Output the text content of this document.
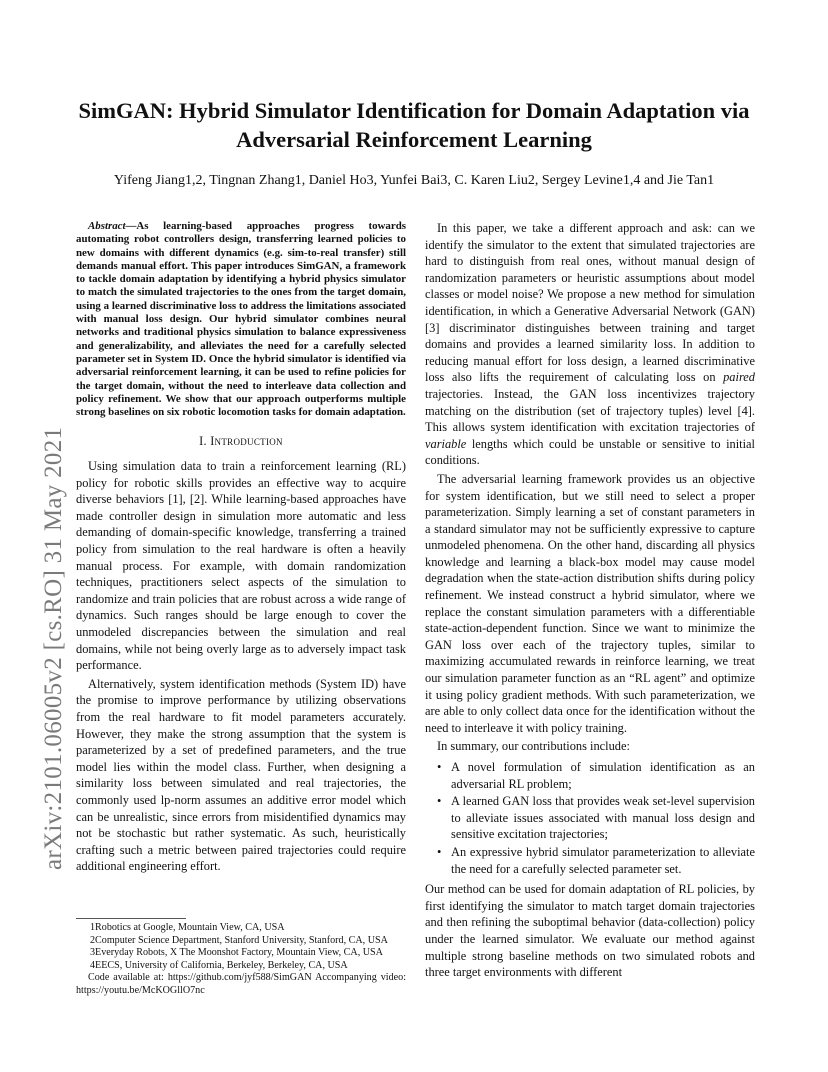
arXiv:2101.06005v2 [cs.RO] 31 May 2021
SimGAN: Hybrid Simulator Identification for Domain Adaptation via
Adversarial Reinforcement Learning
Yifeng Jiang1,2, Tingnan Zhang1, Daniel Ho3, Yunfei Bai3, C. Karen Liu2, Sergey Levine1,4 and Jie Tan1
Abstract—As learning-based approaches progress towards automating robot controllers design, transferring learned policies to new domains with different dynamics (e.g. sim-to-real transfer) still demands manual effort. This paper introduces SimGAN, a framework to tackle domain adaptation by identifying a hybrid physics simulator to match the simulated trajectories to the ones from the target domain, using a learned discriminative loss to address the limitations associated with manual loss design. Our hybrid simulator combines neural networks and traditional physics simulation to balance expressiveness and generalizability, and alleviates the need for a carefully selected parameter set in System ID. Once the hybrid simulator is identified via adversarial reinforcement learning, it can be used to refine policies for the target domain, without the need to interleave data collection and policy refinement. We show that our approach outperforms multiple strong baselines on six robotic locomotion tasks for domain adaptation.
I. Introduction

Using simulation data to train a reinforcement learning (RL) policy for robotic skills provides an effective way to acquire diverse behaviors [1], [2]. While learning-based approaches have made controller design in simulation more automatic and less demanding of domain-specific knowledge, transferring a trained policy from simulation to the real hardware is often a heavily manual process. For example, with domain randomization techniques, practitioners select aspects of the simulation to randomize and train policies that are robust across a wide range of dynamics. Such ranges should be large enough to cover the unmodeled discrepancies between the simulation and real domains, while not being overly large as to adversely impact task performance.

Alternatively, system identification methods (System ID) have the promise to improve performance by utilizing observations from the real hardware to fit model parameters accurately. However, they make the strong assumption that the system is parameterized by a set of predefined parameters, and the true model lies within the model class. Further, when designing a similarity loss between simulated and real trajectories, the commonly used lp-norm assumes an additive error model which can be unrealistic, since errors from misidentified dynamics may not be stochastic but rather systematic. As such, heuristically crafting such a metric between paired trajectories could require additional engineering effort.

1Robotics at Google, Mountain View, CA, USA

2Computer Science Department, Stanford University, Stanford, CA, USA

3Everyday Robots, X The Moonshot Factory, Mountain View, CA, USA

4EECS, University of California, Berkeley, Berkeley, CA, USA

Code available at: https://github.com/jyf588/SimGAN Accompanying video: https://youtu.be/McKOGllO7nc

In this paper, we take a different approach and ask: can we identify the simulator to the extent that simulated trajectories are hard to distinguish from real ones, without manual design of randomization parameters or heuristic assumptions about model classes or model noise? We propose a new method for simulation identification, in which a Generative Adversarial Network (GAN) [3] discriminator distinguishes between training and target domains and provides a learned similarity loss. In addition to reducing manual effort for loss design, a learned discriminative loss also lifts the requirement of calculating loss on paired trajectories. Instead, the GAN loss incentivizes trajectory matching on the distribution (set of trajectory tuples) level [4]. This allows system identification with excitation trajectories of variable lengths which could be unstable or sensitive to initial conditions.

The adversarial learning framework provides us an objective for system identification, but we still need to select a proper parameterization. Simply learning a set of constant parameters in a standard simulator may not be sufficiently expressive to capture unmodeled phenomena. On the other hand, discarding all physics knowledge and learning a black-box model may cause model degradation when the state-action distribution shifts during policy refinement. We instead construct a hybrid simulator, where we replace the constant simulation parameters with a differentiable state-action-dependent function. Since we want to minimize the GAN loss over each of the trajectory tuples, similar to maximizing accumulated rewards in reinforce learning, we treat our simulation parameter function as an “RL agent” and optimize it using policy gradient methods. With such parameterization, we are able to only collect data once for the identification without the need to interleave it with policy training.

In summary, our contributions include:

• A novel formulation of simulation identification as an adversarial RL problem;
• A learned GAN loss that provides weak set-level supervision to alleviate issues associated with manual loss design and sensitive excitation trajectories;
• An expressive hybrid simulator parameterization to alleviate the need for a carefully selected parameter set.

Our method can be used for domain adaptation of RL policies, by first identifying the simulator to match target domain trajectories and then refining the suboptimal behavior (data-collection) policy under the learned simulator. We evaluate our method against multiple strong baseline methods on two simulated robots and three target environments with different
